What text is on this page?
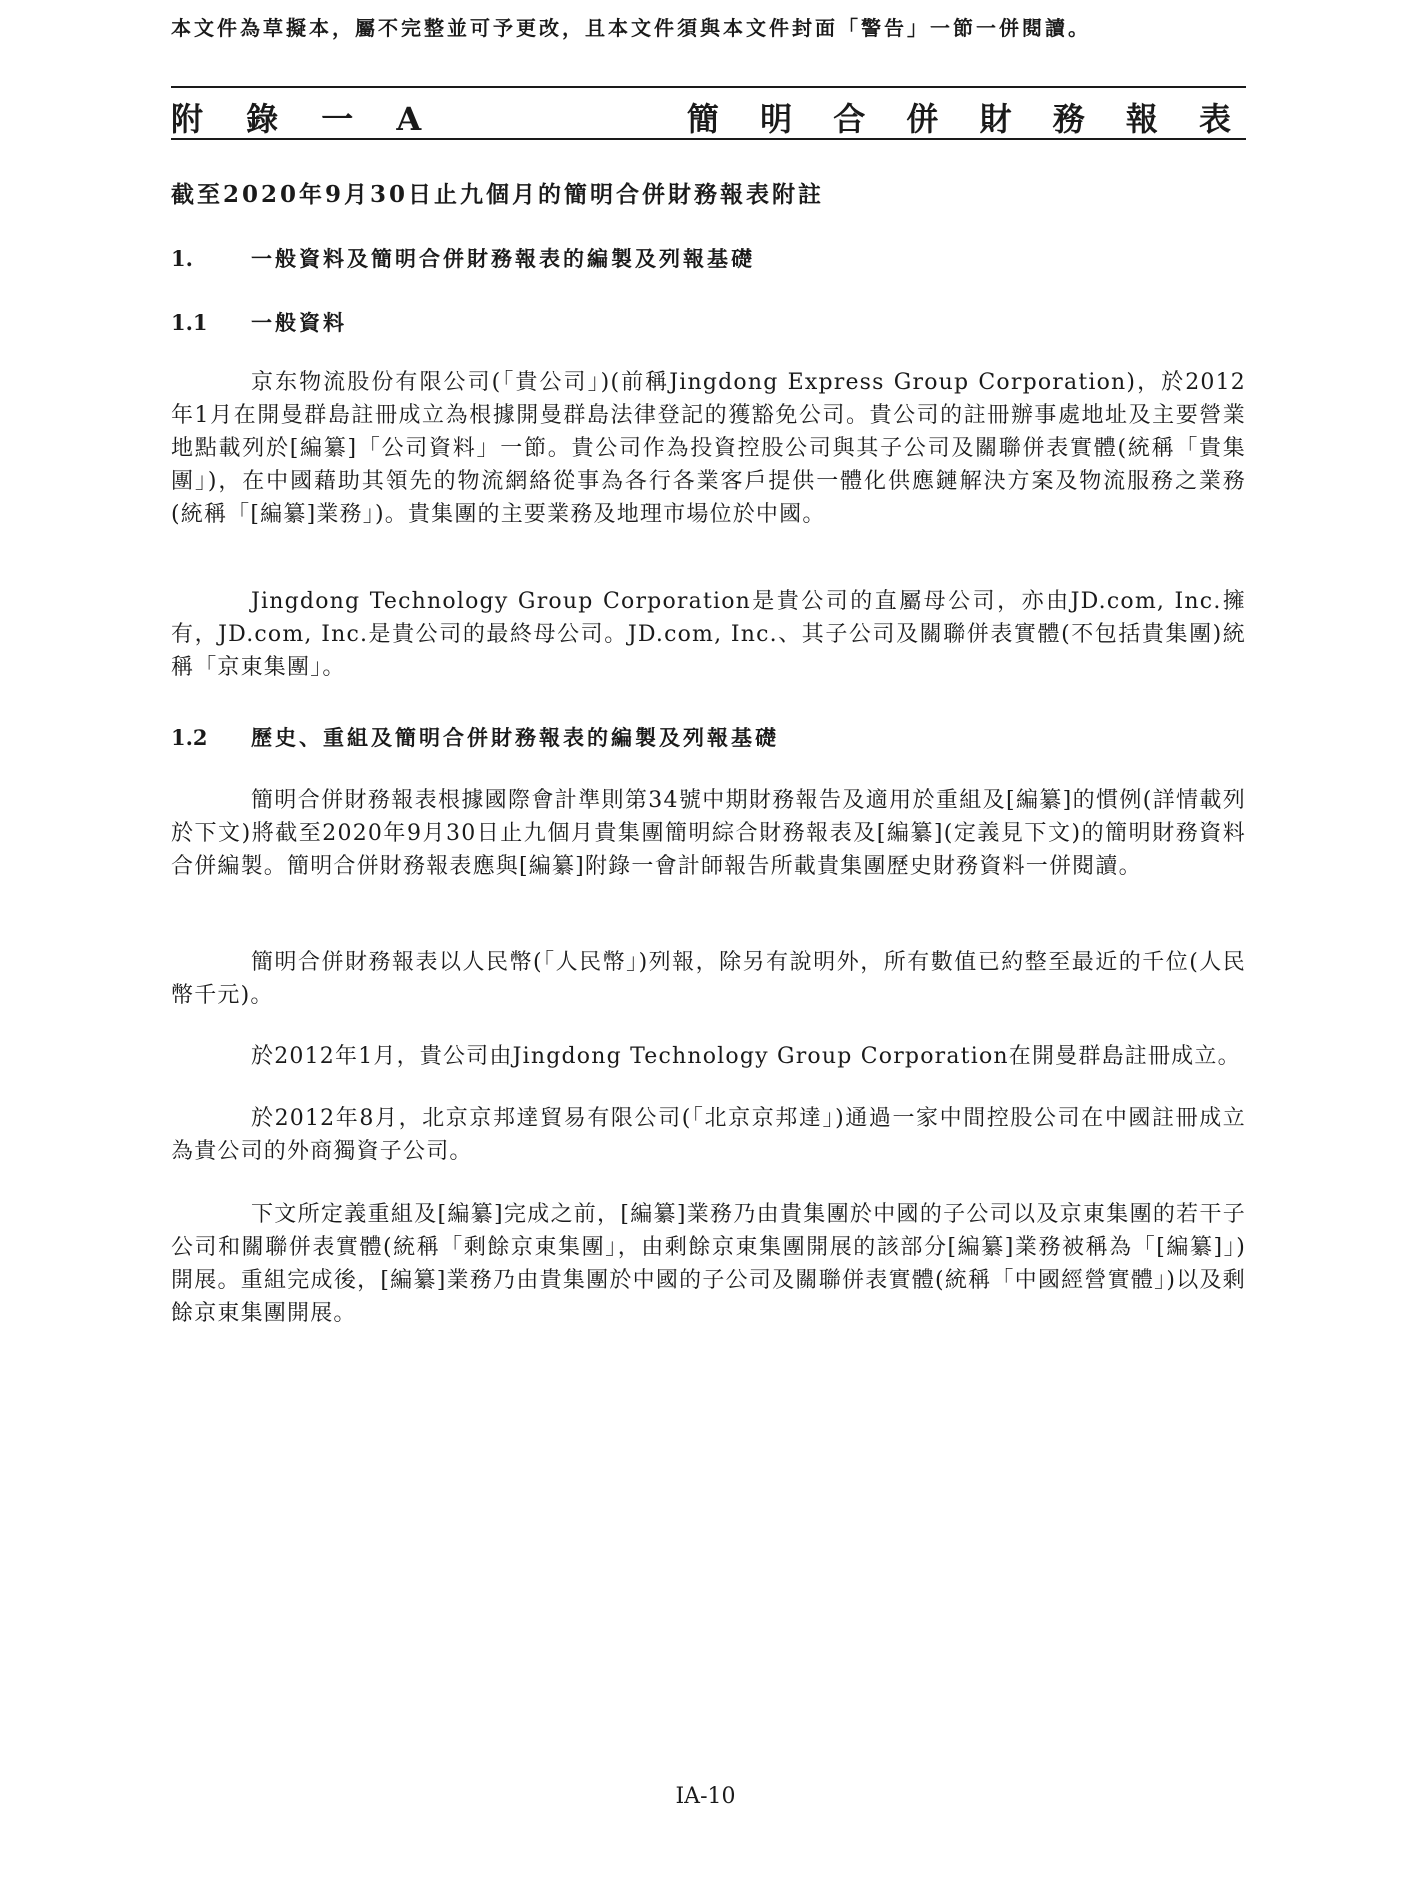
本文件為草擬本，屬不完整並可予更改，且本文件須與本文件封面「警告」一節一併閱讀。
附 錄 一 A	簡 明 合 併 財 務 報 表
截至2020年9月30日止九個月的簡明合併財務報表附註
1.	一般資料及簡明合併財務報表的編製及列報基礎
1.1 一般資料

京东物流股份有限公司(「貴公司」)(前稱Jingdong Express Group Corporation)，於2012年1月在開曼群島註冊成立為根據開曼群島法律登記的獲豁免公司。貴公司的註冊辦事處地址及主要營業地點載列於[編纂]「公司資料」一節。貴公司作為投資控股公司與其子公司及關聯併表實體(統稱「貴集團」)，在中國藉助其領先的物流網絡從事為各行各業客戶提供一體化供應鏈解決方案及物流服務之業務(統稱「[編纂]業務」)。貴集團的主要業務及地理市場位於中國。

Jingdong Technology Group Corporation是貴公司的直屬母公司，亦由JD.com, Inc.擁有，JD.com, Inc.是貴公司的最終母公司。JD.com, Inc.、其子公司及關聯併表實體(不包括貴集團)統稱「京東集團」。

1.2 歷史、重組及簡明合併財務報表的編製及列報基礎

簡明合併財務報表根據國際會計準則第34號中期財務報告及適用於重組及[編纂]的慣例(詳情載列於下文)將截至2020年9月30日止九個月貴集團簡明綜合財務報表及[編纂](定義見下文)的簡明財務資料合併編製。簡明合併財務報表應與[編纂]附錄一會計師報告所載貴集團歷史財務資料一併閱讀。

簡明合併財務報表以人民幣(「人民幣」)列報，除另有說明外，所有數值已約整至最近的千位(人民幣千元)。

於2012年1月，貴公司由Jingdong Technology Group Corporation在開曼群島註冊成立。

於2012年8月，北京京邦達貿易有限公司(「北京京邦達」)通過一家中間控股公司在中國註冊成立為貴公司的外商獨資子公司。

下文所定義重組及[編纂]完成之前，[編纂]業務乃由貴集團於中國的子公司以及京東集團的若干子公司和關聯併表實體(統稱「剩餘京東集團」，由剩餘京東集團開展的該部分[編纂]業務被稱為「[編纂]」)開展。重組完成後，[編纂]業務乃由貴集團於中國的子公司及關聯併表實體(統稱「中國經營實體」)以及剩餘京東集團開展。

IA-10
